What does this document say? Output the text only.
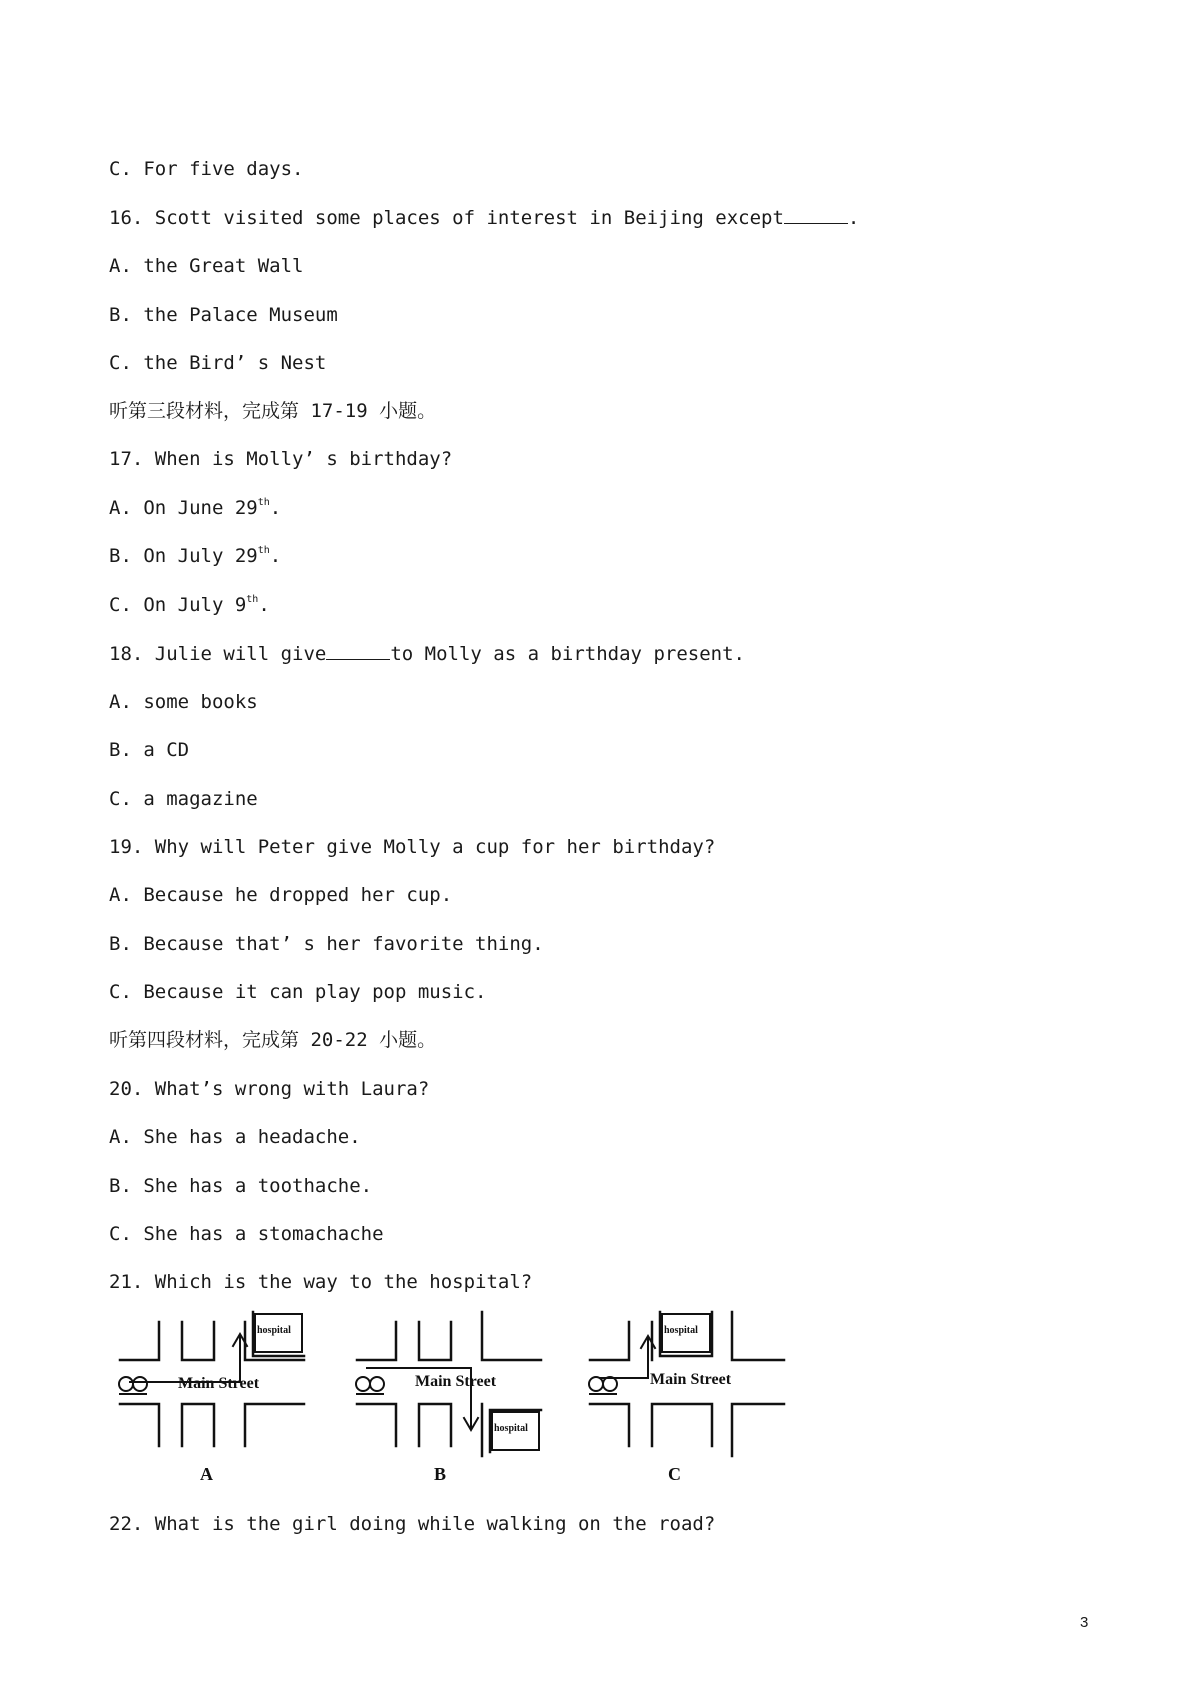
C. For five days.
16. Scott visited some places of interest in Beijing except	.
A. the Great Wall
B. the Palace Museum
C. the Bird’ s Nest
听第三段材料，完成第 17-19 小题。
17. When is Molly’ s birthday?
A. On June 29th.
B. On July 29th.
C. On July 9th.
18. Julie will give	to Molly as a birthday present.
A. some books
B. a CD
C. a magazine
19. Why will Peter give Molly a cup for her birthday?
A. Because he dropped her cup.
B. Because that’ s her favorite thing.
C. Because it can play pop music.
听第四段材料，完成第 20-22 小题。
20. What’s wrong with Laura?
A. She has a headache.
B. She has a toothache.
C. She has a stomachache
21. Which is the way to the hospital?
Main Street	Main Street	Main Street
hospital
hospital
hospital
A	B	C
22. What is the girl doing while walking on the road?
3
